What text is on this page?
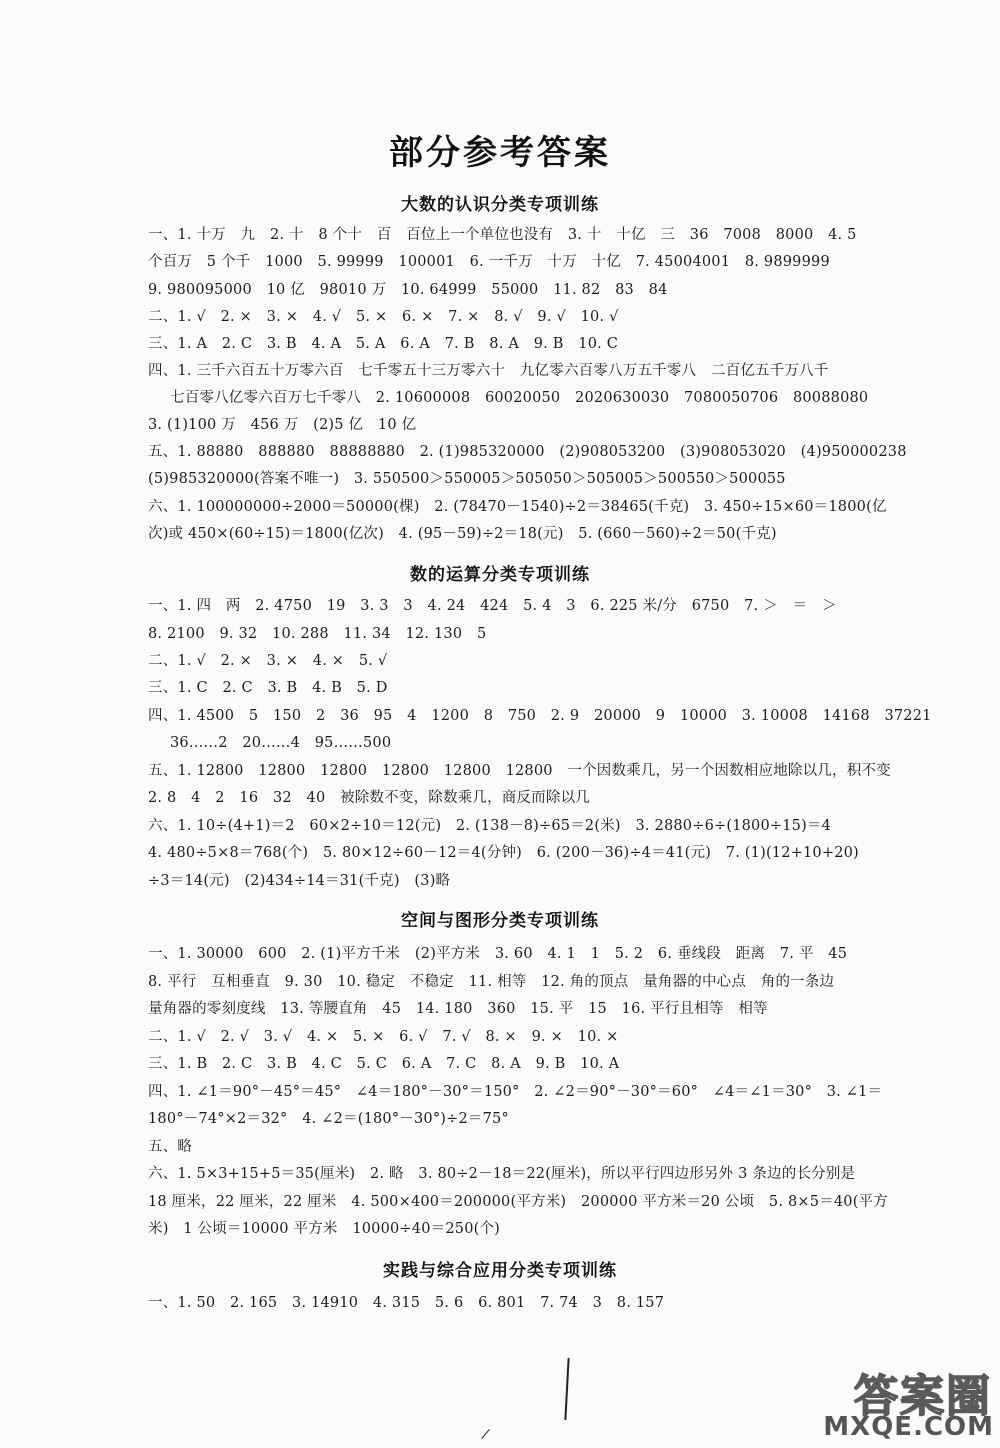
部分参考答案
大数的认识分类专项训练
一、1. 十万　九　2. 十　8 个十　百　百位上一个单位也没有　3. 十　十亿　三　36　7008　8000　4. 5
个百万　5 个千　1000　5. 99999　100001　6. 一千万　十万　十亿　7. 45004001　8. 9899999
9. 980095000　10 亿　98010 万　10. 64999　55000　11. 82　83　84
二、1. √　2. ×　3. ×　4. √　5. ×　6. ×　7. ×　8. √　9. √　10. √
三、1. A　2. C　3. B　4. A　5. A　6. A　7. B　8. A　9. B　10. C
四、1. 三千六百五十万零六百　七千零五十三万零六十　九亿零六百零八万五千零八　二百亿五千万八千
七百零八亿零六百万七千零八　2. 10600008　60020050　2020630030　7080050706　80088080
3. (1)100 万　456 万　(2)5 亿　10 亿
五、1. 88880　888880　88888880　2. (1)985320000　(2)908053200　(3)908053020　(4)950000238
(5)985320000(答案不唯一)　3. 550500＞550005＞505050＞505005＞500550＞500055
六、1. 100000000÷2000＝50000(棵)　2. (78470－1540)÷2＝38465(千克)　3. 450÷15×60＝1800(亿
次)或 450×(60÷15)＝1800(亿次)　4. (95－59)÷2＝18(元)　5. (660－560)÷2＝50(千克)
数的运算分类专项训练
一、1. 四　两　2. 4750　19　3. 3　3　4. 24　424　5. 4　3　6. 225 米/分　6750　7. ＞　＝　＞
8. 2100　9. 32　10. 288　11. 34　12. 130　5
二、1. √　2. ×　3. ×　4. ×　5. √
三、1. C　2. C　3. B　4. B　5. D
四、1. 4500　5　150　2　36　95　4　1200　8　750　2. 9　20000　9　10000　3. 10008　14168　37221
36……2　20……4　95……500
五、1. 12800　12800　12800　12800　12800　12800　一个因数乘几，另一个因数相应地除以几，积不变
2. 8　4　2　16　32　40　被除数不变，除数乘几，商反而除以几
六、1. 10÷(4+1)＝2　60×2÷10＝12(元)　2. (138－8)÷65＝2(米)　3. 2880÷6÷(1800÷15)＝4
4. 480÷5×8＝768(个)　5. 80×12÷60－12＝4(分钟)　6. (200－36)÷4＝41(元)　7. (1)(12+10+20)
÷3＝14(元)　(2)434÷14＝31(千克)　(3)略
空间与图形分类专项训练
一、1. 30000　600　2. (1)平方千米　(2)平方米　3. 60　4. 1　1　5. 2　6. 垂线段　距离　7. 平　45
8. 平行　互相垂直　9. 30　10. 稳定　不稳定　11. 相等　12. 角的顶点　量角器的中心点　角的一条边
量角器的零刻度线　13. 等腰直角　45　14. 180　360　15. 平　15　16. 平行且相等　相等
二、1. √　2. √　3. √　4. ×　5. ×　6. √　7. √　8. ×　9. ×　10. ×
三、1. B　2. C　3. B　4. C　5. C　6. A　7. C　8. A　9. B　10. A
四、1. ∠1＝90°－45°＝45°　∠4＝180°－30°＝150°　2. ∠2＝90°－30°＝60°　∠4＝∠1＝30°　3. ∠1＝
180°－74°×2＝32°　4. ∠2＝(180°－30°)÷2＝75°
五、略
六、1. 5×3+15+5＝35(厘米)　2. 略　3. 80÷2－18＝22(厘米)，所以平行四边形另外 3 条边的长分别是
18 厘米，22 厘米，22 厘米　4. 500×400＝200000(平方米)　200000 平方米＝20 公顷　5. 8×5＝40(平方
米)　1 公顷＝10000 平方米　10000÷40＝250(个)
实践与综合应用分类专项训练
一、1. 50　2. 165　3. 14910　4. 315　5. 6　6. 801　7. 74　3　8. 157
答案圈
MXQE.COM
